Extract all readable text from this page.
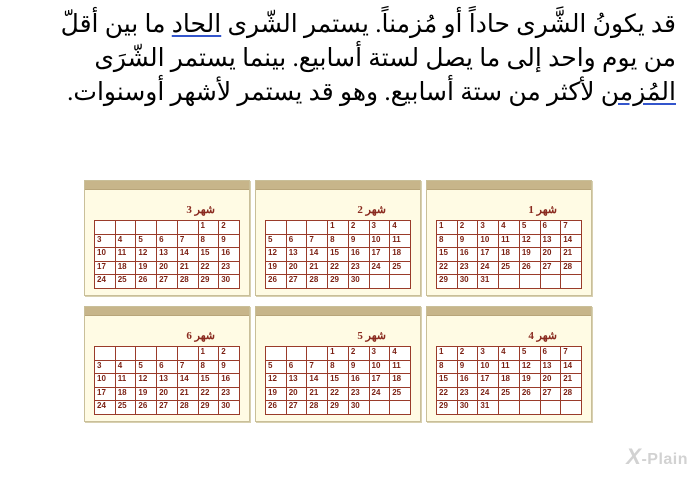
قد يكونُ الشَّرى حاداً أو مُزمناً. يستمر الشّرى الحاد ما بين أقلّ من يوم واحد إلى ما يصل لستة أسابيع. بينما يستمر الشّرَى المُزمن لأكثر من ستة أسابيع. وهو قد يستمر لأشهر أوسنوات.
شهر 1
1	2	3	4	5	6	7
8	9	10	11	12	13	14
15	16	17	18	19	20	21
22	23	24	25	26	27	28
29	30	31				
شهر 2
			1	2	3	4
5	6	7	8	9	10	11
12	13	14	15	16	17	18
19	20	21	22	23	24	25
26	27	28	29	30		
شهر 3
					1	2
3	4	5	6	7	8	9
10	11	12	13	14	15	16
17	18	19	20	21	22	23
24	25	26	27	28	29	30
شهر 4
1	2	3	4	5	6	7
8	9	10	11	12	13	14
15	16	17	18	19	20	21
22	23	24	25	26	27	28
29	30	31				
شهر 5
			1	2	3	4
5	6	7	8	9	10	11
12	13	14	15	16	17	18
19	20	21	22	23	24	25
26	27	28	29	30		
شهر 6
					1	2
3	4	5	6	7	8	9
10	11	12	13	14	15	16
17	18	19	20	21	22	23
24	25	26	27	28	29	30
X-Plain
